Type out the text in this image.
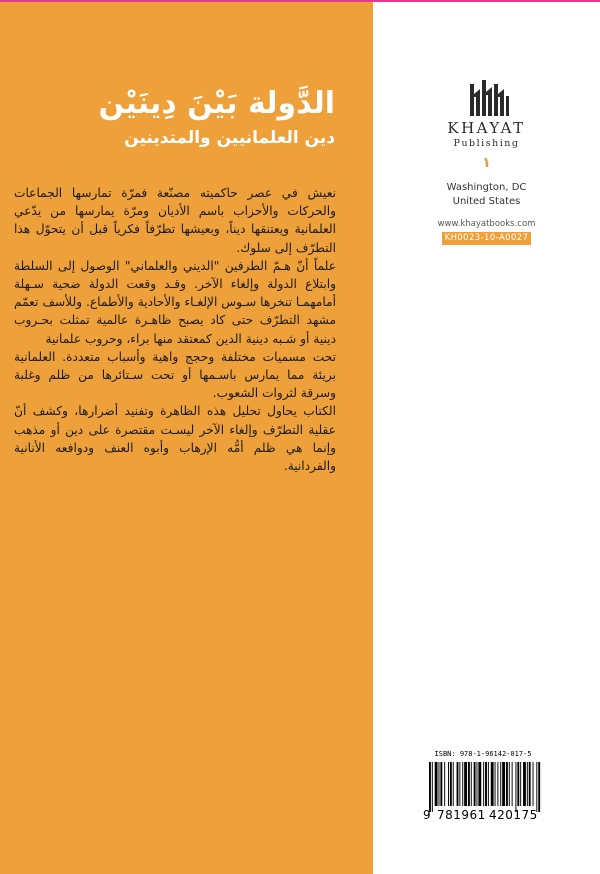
الدَّولة بَيْنَ دِينَيْن
دين العلمانيين والمتدينين

نعيش في عصر حاكميته مصنّعة فمرّة تمارسها الجماعات والحركات والأحزاب باسم الأديان ومرّة يمارسها من يدّعي العلمانية ويعتنقها ديناً، وبعيشها تطرّفاً فكرياً قبل أن يتحوّل هذا التطرّف إلى سلوك.

علماً أنّ هـمّ الطرفين "الديني والعلماني" الوصول إلى السلطة وابتلاع الدولة وإلغاء الآخر. وقـد وقعت الدولة ضحية سـهلة أمامهمـا تنخرها سـوس الإلغـاء والأحادية والأطماع. وللأسف تعمّم مشهد التطرّف حتى كاد يصبح ظاهـرة عالمية تمثلت بحـروب دينية أو شـبه دينية الدين كمعتقد منها براء، وحروب علمانية

تحت مسميات مختلفة وحجج واهية وأسباب متعددة. العلمانية بريئة مما يمارس باسـمها أو تحت سـتائرها من ظلم وغلبة وسرقة لثروات الشعوب.

الكتاب يحاول تحليل هذه الظاهرة وتفنيد أضرارها، وكشف أنّ عقلية التطرّف وإلغاء الآخر ليسـت مقتصرة على دين أو مذهب وإنما هي ظلم أمُّه الإرهاب وأبوه العنف ودوافعه الأنانية والفردانية.

KHAYAT
Publishing
١
Washington, DC
United States
www.khayatbooks.com
KH0023-10-A0027
ISBN: 978-1-96142-017-5
9 781961 420175
